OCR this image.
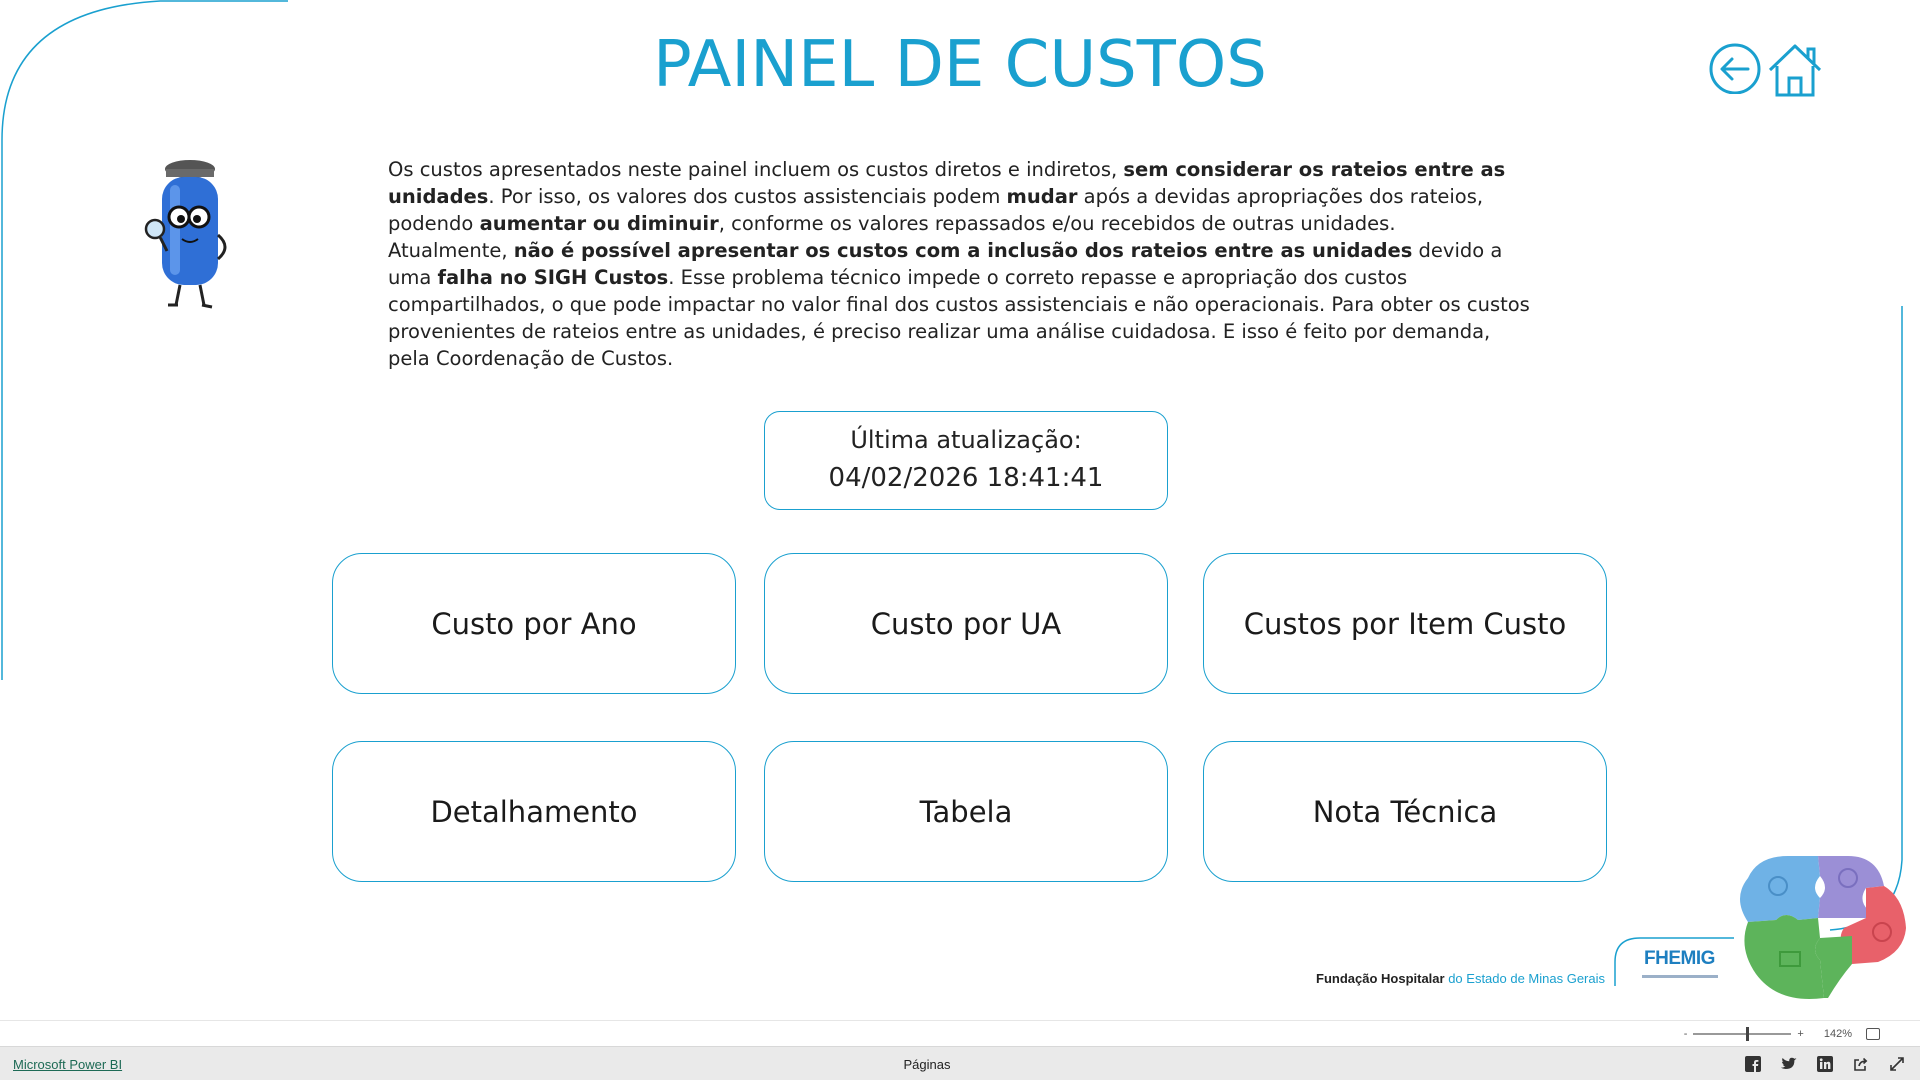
PAINEL DE CUSTOS

Os custos apresentados neste painel incluem os custos diretos e indiretos, sem considerar os rateios entre as unidades. Por isso, os valores dos custos assistenciais podem mudar após a devidas apropriações dos rateios, podendo aumentar ou diminuir, conforme os valores repassados e/ou recebidos de outras unidades.

Atualmente, não é possível apresentar os custos com a inclusão dos rateios entre as unidades devido a uma falha no SIGH Custos. Esse problema técnico impede o correto repasse e apropriação dos custos compartilhados, o que pode impactar no valor final dos custos assistenciais e não operacionais. Para obter os custos provenientes de rateios entre as unidades, é preciso realizar uma análise cuidadosa. E isso é feito por demanda, pela Coordenação de Custos.

Última atualização:
04/02/2026 18:41:41
Custo por Ano	Custo por UA	Custos por Item Custo
Detalhamento	Tabela	Nota Técnica
Fundação Hospitalar do Estado de Minas Gerais
FHEMIG
-	+ 142%
Microsoft Power BI	Páginas
